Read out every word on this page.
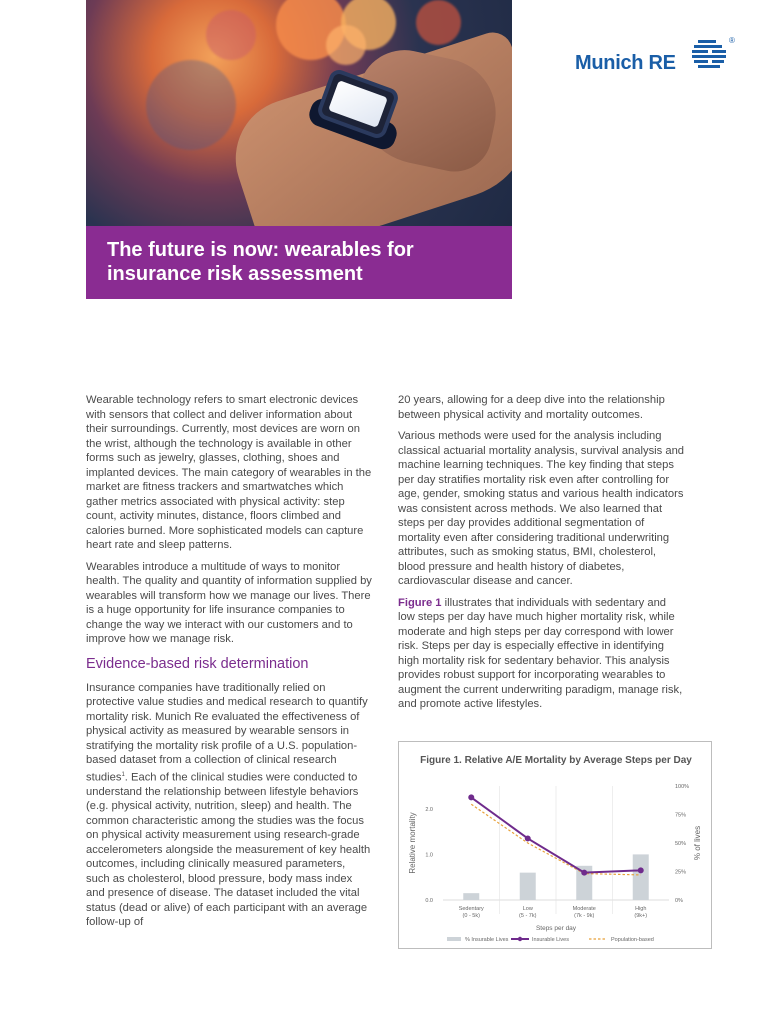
The future is now: wearables for
insurance risk assessment
Munich RE
®

Wearable technology refers to smart electronic devices with sensors that collect and deliver information about their surroundings. Currently, most devices are worn on the wrist, although the technology is available in other forms such as jewelry, glasses, clothing, shoes and implanted devices. The main category of wearables in the market are fitness trackers and smartwatches which gather metrics associated with physical activity: step count, activity minutes, distance, floors climbed and calories burned. More sophisticated models can capture heart rate and sleep patterns.

Wearables introduce a multitude of ways to monitor health. The quality and quantity of information supplied by wearables will transform how we manage our lives. There is a huge opportunity for life insurance companies to change the way we interact with our customers and to improve how we manage risk.

Evidence-based risk determination

Insurance companies have traditionally relied on protective value studies and medical research to quantify mortality risk. Munich Re evaluated the effectiveness of physical activity as measured by wearable sensors in stratifying the mortality risk profile of a U.S. population-based dataset from a collection of clinical research studies$^1$. Each of the clinical studies were conducted to understand the relationship between lifestyle behaviors (e.g. physical activity, nutrition, sleep) and health. The common characteristic among the studies was the focus on physical activity measurement using research-grade accelerometers alongside the measurement of key health outcomes, including clinically measured parameters, such as cholesterol, blood pressure, body mass index and presence of disease. The dataset included the vital status (dead or alive) of each participant with an average follow-up of

20 years, allowing for a deep dive into the relationship between physical activity and mortality outcomes.

Various methods were used for the analysis including classical actuarial mortality analysis, survival analysis and machine learning techniques. The key finding that steps per day stratifies mortality risk even after controlling for age, gender, smoking status and various health indicators was consistent across methods. We also learned that steps per day provides additional segmentation of mortality even after considering traditional underwriting attributes, such as smoking status, BMI, cholesterol, blood pressure and health history of diabetes, cardiovascular disease and cancer.

Figure 1 illustrates that individuals with sedentary and low steps per day have much higher mortality risk, while moderate and high steps per day correspond with lower risk. Steps per day is especially effective in identifying high mortality risk for sedentary behavior. This analysis provides robust support for incorporating wearables to augment the current underwriting paradigm, manage risk, and promote active lifestyles.

Figure 1. Relative A/E Mortality by Average Steps per Day
0.0
1.0
2.0
Relative mortality
0%
25%
50%
75%
100%
% of lives
Sedentary
(0 - 5k)
Low
(5 - 7k)
Moderate
(7k - 9k)
High
(9k+)
Steps per day
% Insurable Lives	Insurable Lives	Population-based
